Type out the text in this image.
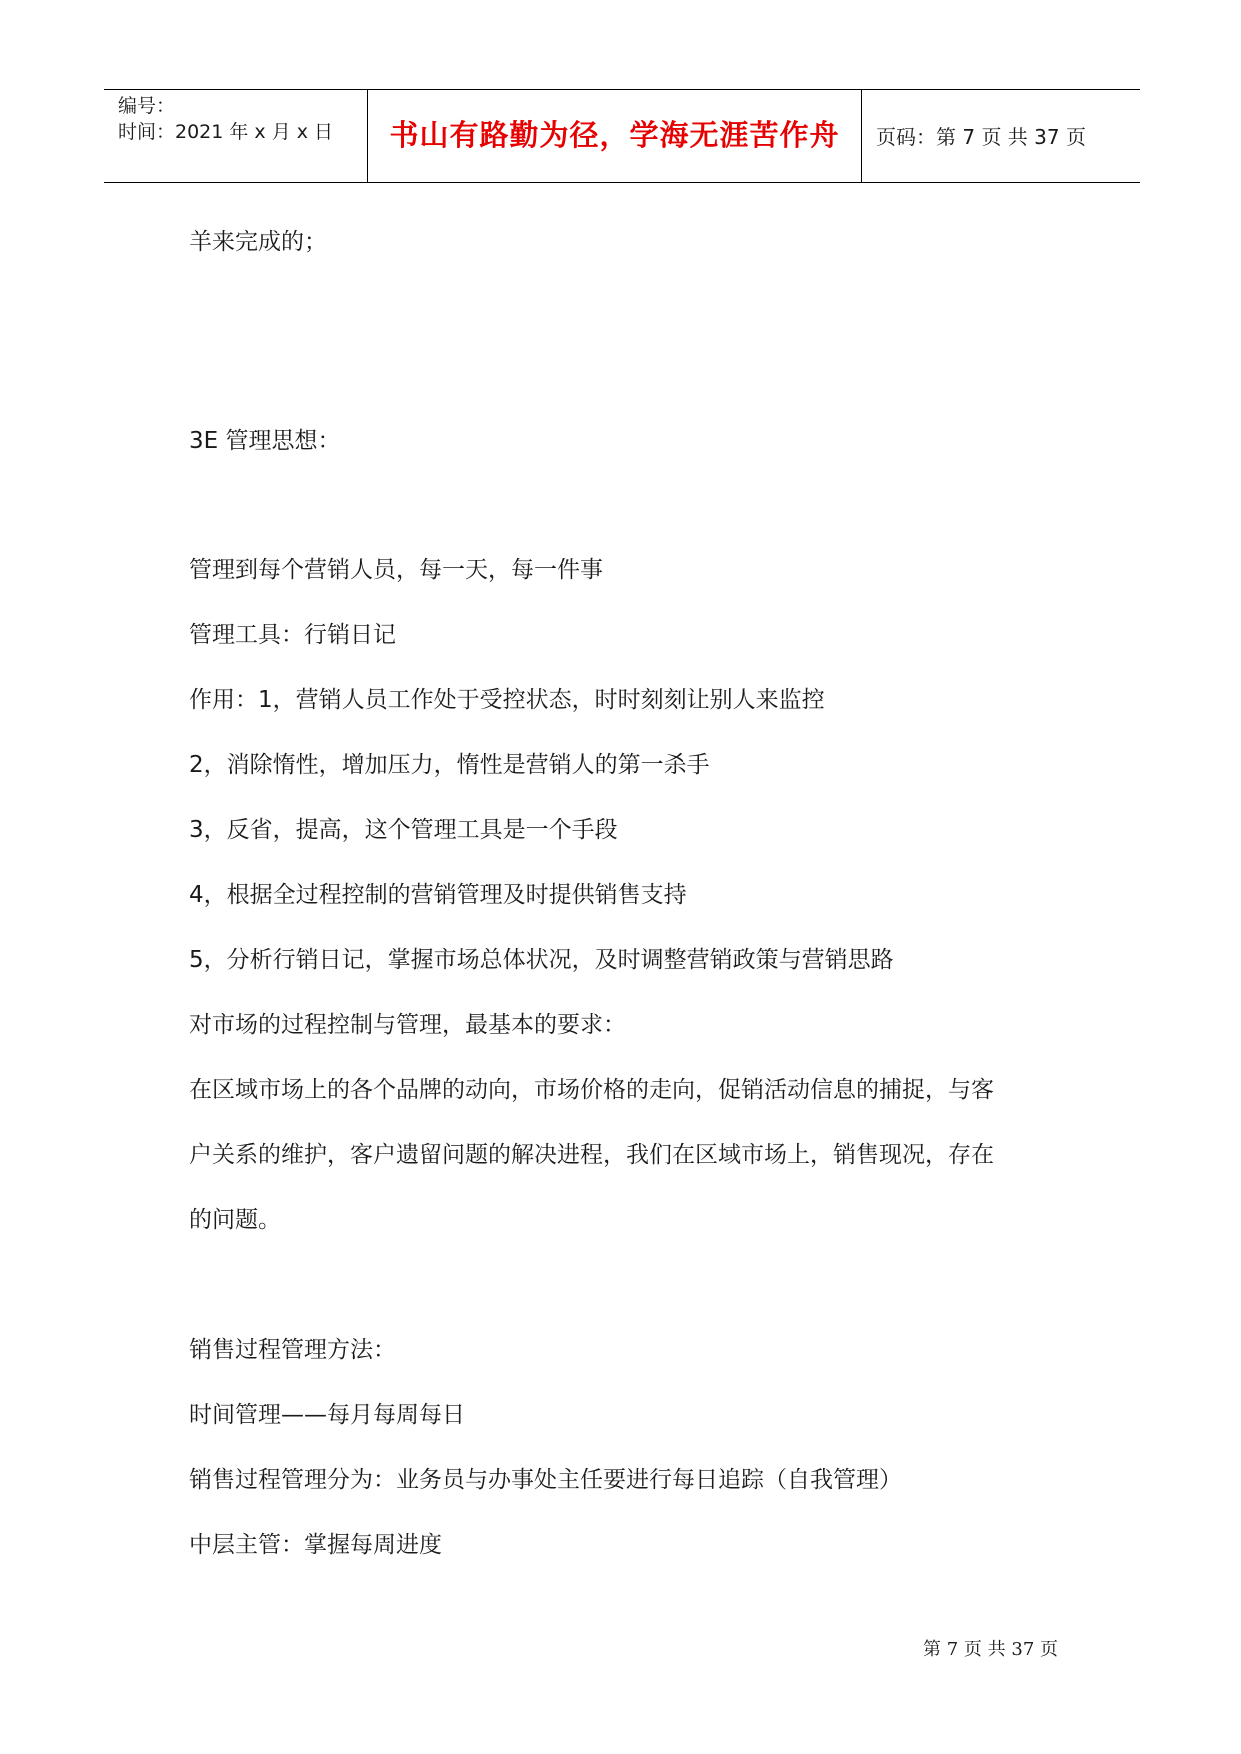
编号：
时间：2021 年 x 月 x 日	书山有路勤为径，学海无涯苦作舟	页码：第 7 页 共 37 页
羊来完成的；
3E 管理思想：
管理到每个营销人员，每一天，每一件事
管理工具：行销日记
作用：1，营销人员工作处于受控状态，时时刻刻让别人来监控
2，消除惰性，增加压力，惰性是营销人的第一杀手
3，反省，提高，这个管理工具是一个手段
4，根据全过程控制的营销管理及时提供销售支持
5，分析行销日记，掌握市场总体状况，及时调整营销政策与营销思路
对市场的过程控制与管理，最基本的要求：
在区域市场上的各个品牌的动向，市场价格的走向，促销活动信息的捕捉，与客
户关系的维护，客户遗留问题的解决进程，我们在区域市场上，销售现况，存在
的问题。
销售过程管理方法：
时间管理——每月每周每日
销售过程管理分为：业务员与办事处主任要进行每日追踪（自我管理）
中层主管：掌握每周进度
第 7 页 共 37 页
